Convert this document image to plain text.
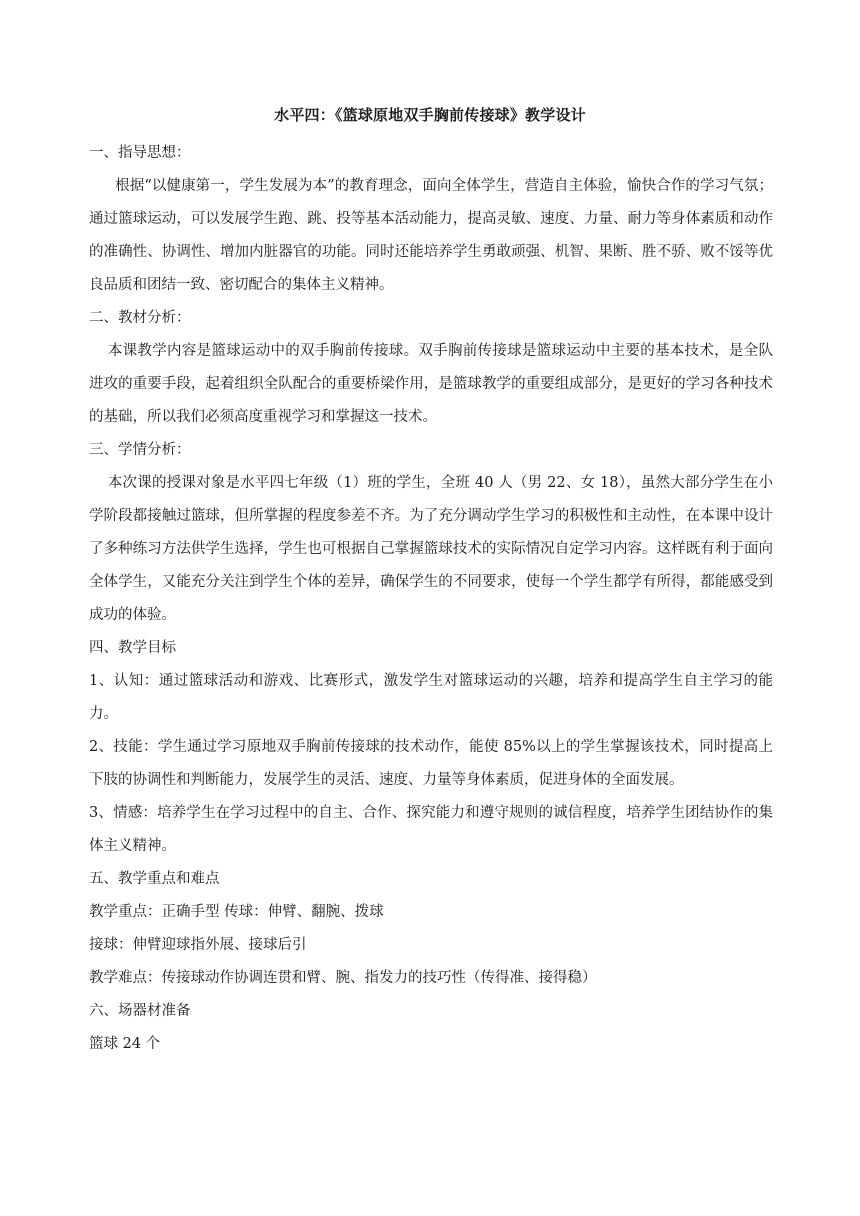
水平四：《篮球原地双手胸前传接球》教学设计

一、指导思想：

根据“以健康第一，学生发展为本”的教育理念，面向全体学生，营造自主体验，愉快合作的学习气氛；通过篮球运动，可以发展学生跑、跳、投等基本活动能力，提高灵敏、速度、力量、耐力等身体素质和动作的准确性、协调性、增加内脏器官的功能。同时还能培养学生勇敢顽强、机智、果断、胜不骄、败不馁等优良品质和团结一致、密切配合的集体主义精神。

二、教材分析：

本课教学内容是篮球运动中的双手胸前传接球。双手胸前传接球是篮球运动中主要的基本技术，是全队进攻的重要手段，起着组织全队配合的重要桥梁作用，是篮球教学的重要组成部分，是更好的学习各种技术的基础，所以我们必须高度重视学习和掌握这一技术。

三、学情分析：

本次课的授课对象是水平四七年级（1）班的学生，全班 40 人（男 22、女 18），虽然大部分学生在小学阶段都接触过篮球，但所掌握的程度参差不齐。为了充分调动学生学习的积极性和主动性，在本课中设计了多种练习方法供学生选择，学生也可根据自己掌握篮球技术的实际情况自定学习内容。这样既有利于面向全体学生，又能充分关注到学生个体的差异，确保学生的不同要求，使每一个学生都学有所得，都能感受到成功的体验。

四、教学目标

1、认知：通过篮球活动和游戏、比赛形式，激发学生对篮球运动的兴趣，培养和提高学生自主学习的能力。

2、技能：学生通过学习原地双手胸前传接球的技术动作，能使 85%以上的学生掌握该技术，同时提高上下肢的协调性和判断能力，发展学生的灵活、速度、力量等身体素质，促进身体的全面发展。

3、情感：培养学生在学习过程中的自主、合作、探究能力和遵守规则的诚信程度，培养学生团结协作的集体主义精神。

五、教学重点和难点

教学重点：正确手型 传球：伸臂、翻腕、拨球

接球：伸臂迎球指外展、接球后引

教学难点：传接球动作协调连贯和臂、腕、指发力的技巧性（传得准、接得稳）

六、场器材准备

篮球 24 个
